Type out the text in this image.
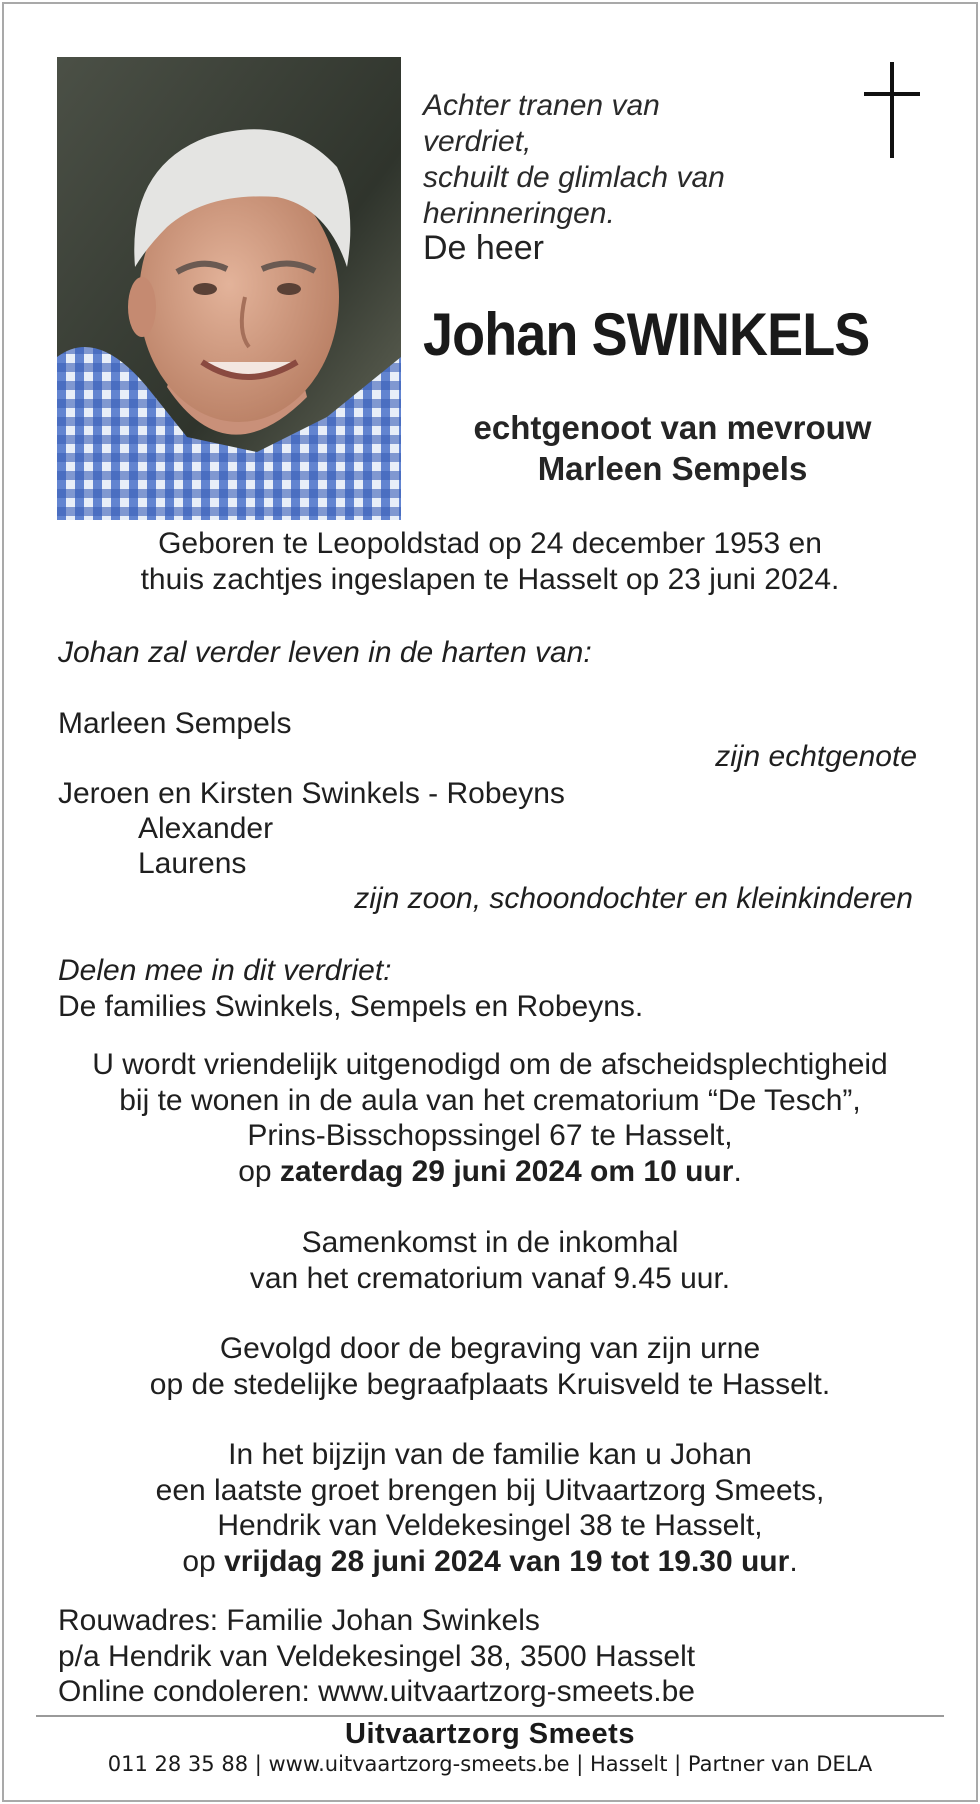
Achter tranen van verdriet,
schuilt de glimlach van
herinneringen.
De heer
Johan SWINKELS
echtgenoot van mevrouw
Marleen Sempels
Geboren te Leopoldstad op 24 december 1953 en
thuis zachtjes ingeslapen te Hasselt op 23 juni 2024.
Johan zal verder leven in de harten van:
Marleen Sempels
zijn echtgenote
Jeroen en Kirsten Swinkels - Robeyns
Alexander
Laurens
zijn zoon, schoondochter en kleinkinderen
Delen mee in dit verdriet:
De families Swinkels, Sempels en Robeyns.
U wordt vriendelijk uitgenodigd om de afscheidsplechtigheid
bij te wonen in de aula van het crematorium “De Tesch”,
Prins-Bisschopssingel 67 te Hasselt,
op zaterdag 29 juni 2024 om 10 uur.
Samenkomst in de inkomhal
van het crematorium vanaf 9.45 uur.
Gevolgd door de begraving van zijn urne
op de stedelijke begraafplaats Kruisveld te Hasselt.
In het bijzijn van de familie kan u Johan
een laatste groet brengen bij Uitvaartzorg Smeets,
Hendrik van Veldekesingel 38 te Hasselt,
op vrijdag 28 juni 2024 van 19 tot 19.30 uur.
Rouwadres: Familie Johan Swinkels
p/a Hendrik van Veldekesingel 38, 3500 Hasselt
Online condoleren: www.uitvaartzorg-smeets.be
Uitvaartzorg Smeets
011 28 35 88 | www.uitvaartzorg-smeets.be | Hasselt | Partner van DELA
